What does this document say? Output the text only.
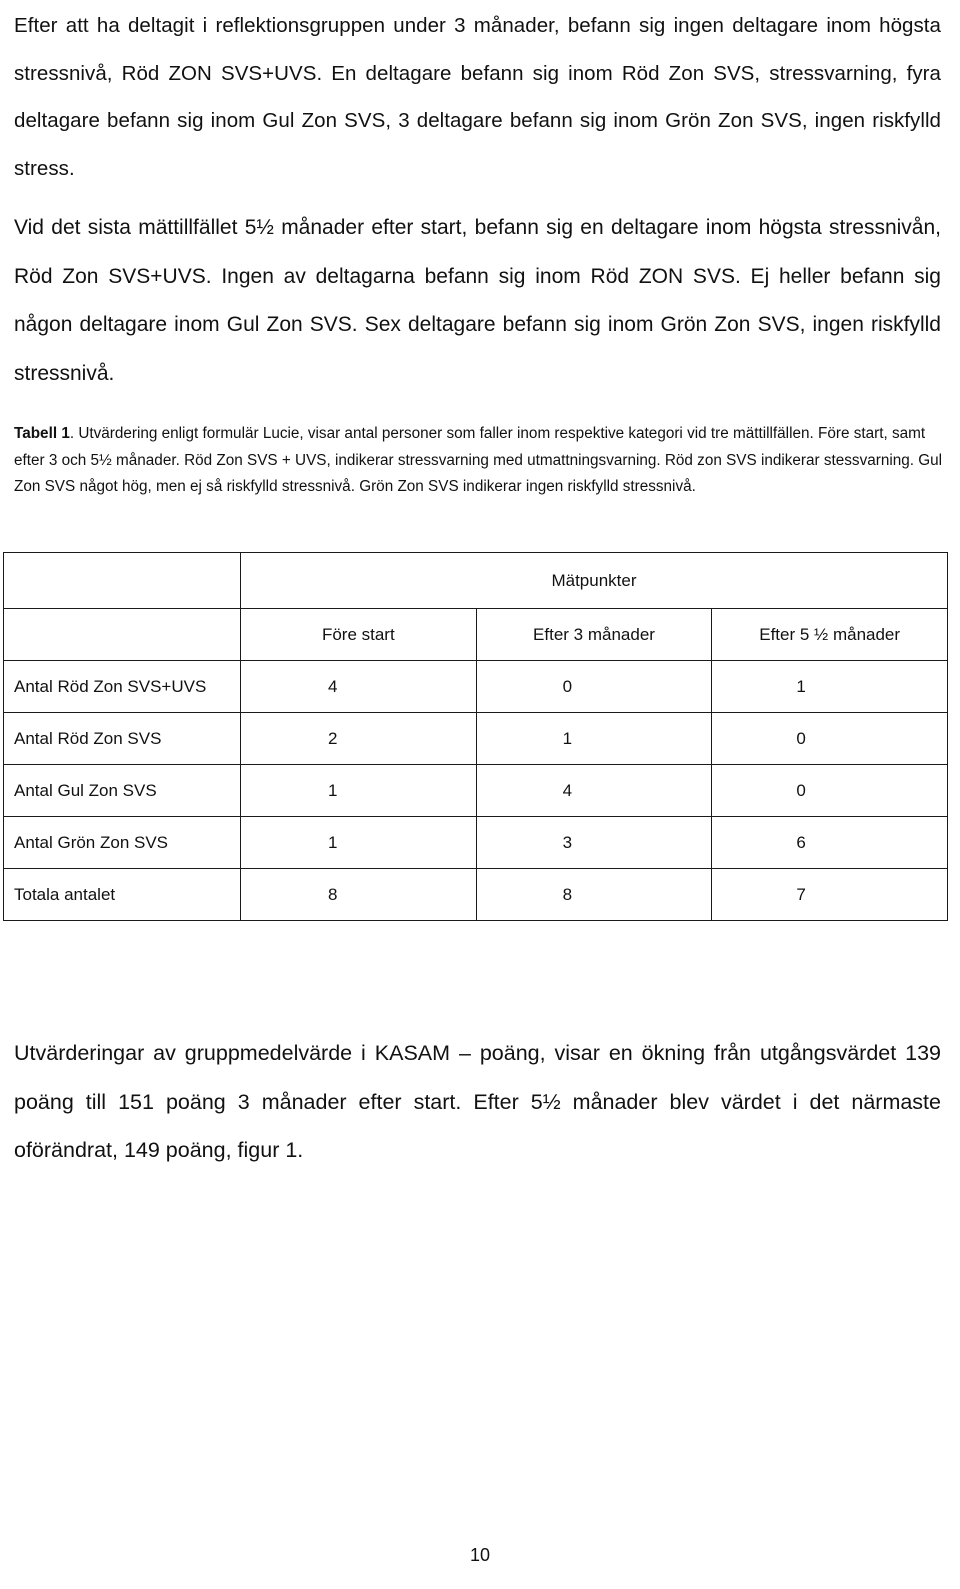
Efter att ha deltagit i reflektionsgruppen under 3 månader, befann sig ingen deltagare inom högsta stressnivå, Röd ZON SVS+UVS. En deltagare befann sig inom Röd Zon SVS, stressvarning, fyra deltagare befann sig inom Gul Zon SVS, 3 deltagare befann sig inom Grön Zon SVS, ingen riskfylld stress.

Vid det sista mättillfället 5½ månader efter start, befann sig en deltagare inom högsta stressnivån, Röd Zon SVS+UVS. Ingen av deltagarna befann sig inom Röd ZON SVS. Ej heller befann sig någon deltagare inom Gul Zon SVS. Sex deltagare befann sig inom Grön Zon SVS, ingen riskfylld stressnivå.

Tabell 1. Utvärdering enligt formulär Lucie, visar antal personer som faller inom respektive kategori vid tre mättillfällen. Före start, samt efter 3 och 5½ månader. Röd Zon SVS + UVS, indikerar stressvarning med utmattningsvarning. Röd zon SVS indikerar stessvarning. Gul Zon SVS något hög, men ej så riskfylld stressnivå. Grön Zon SVS indikerar ingen riskfylld stressnivå.

	Mätpunkter		
	Före start	Efter 3 månader	Efter 5 ½ månader
Antal Röd Zon SVS+UVS	4	0	1
Antal Röd Zon SVS	2	1	0
Antal Gul Zon SVS	1	4	0
Antal Grön Zon SVS	1	3	6
Totala antalet	8	8	7

Utvärderingar av gruppmedelvärde i KASAM – poäng, visar en ökning från utgångsvärdet 139 poäng till 151 poäng 3 månader efter start. Efter 5½ månader blev värdet i det närmaste oförändrat, 149 poäng, figur 1.

10
